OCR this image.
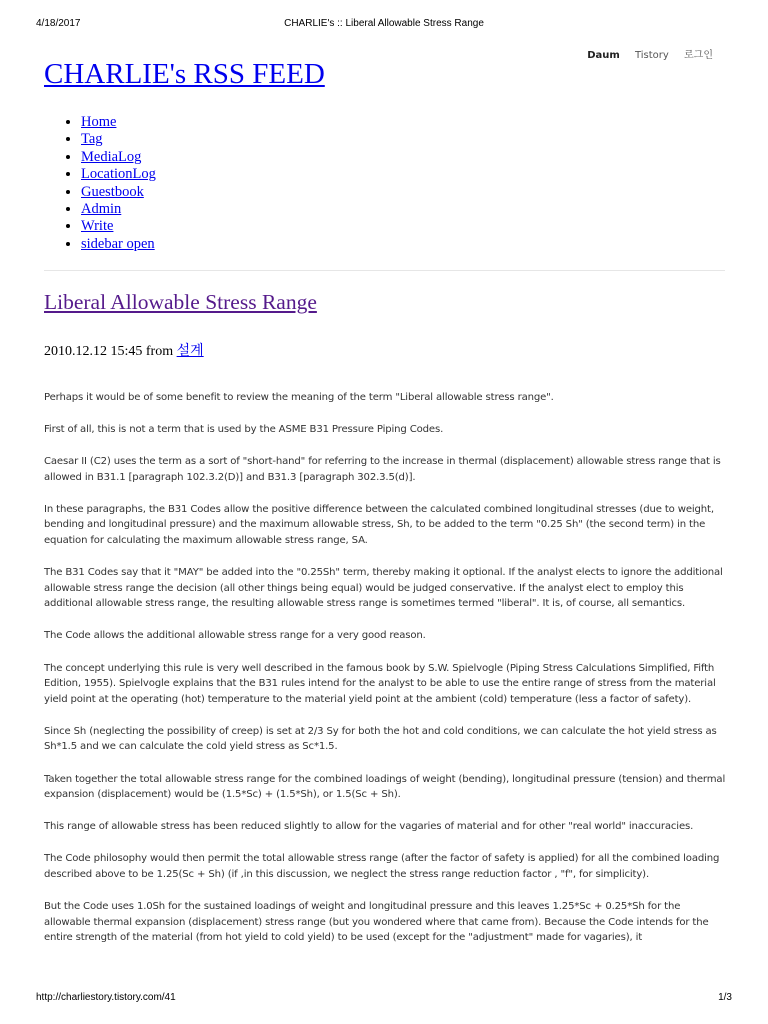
4/18/2017	CHARLIE's :: Liberal Allowable Stress Range
Daum Tistory 로그인
CHARLIE's RSS FEED
• Home
• Tag
• MediaLog
• LocationLog
• Guestbook
• Admin
• Write
• sidebar open
Liberal Allowable Stress Range
2010.12.12 15:45 from 설계

Perhaps it would be of some benefit to review the meaning of the term "Liberal allowable stress range".

First of all, this is not a term that is used by the ASME B31 Pressure Piping Codes.

Caesar II (C2) uses the term as a sort of "short-hand" for referring to the increase in thermal (displacement) allowable stress range that is allowed in B31.1 [paragraph 102.3.2(D)] and B31.3 [paragraph 302.3.5(d)].

In these paragraphs, the B31 Codes allow the positive difference between the calculated combined longitudinal stresses (due to weight, bending and longitudinal pressure) and the maximum allowable stress, Sh, to be added to the term "0.25 Sh" (the second term) in the equation for calculating the maximum allowable stress range, SA.

The B31 Codes say that it "MAY" be added into the "0.25Sh" term, thereby making it optional. If the analyst elects to ignore the additional allowable stress range the decision (all other things being equal) would be judged conservative. If the analyst elect to employ this additional allowable stress range, the resulting allowable stress range is sometimes termed "liberal". It is, of course, all semantics.

The Code allows the additional allowable stress range for a very good reason.

The concept underlying this rule is very well described in the famous book by S.W. Spielvogle (Piping Stress Calculations Simplified, Fifth Edition, 1955). Spielvogle explains that the B31 rules intend for the analyst to be able to use the entire range of stress from the material yield point at the operating (hot) temperature to the material yield point at the ambient (cold) temperature (less a factor of safety).

Since Sh (neglecting the possibility of creep) is set at 2/3 Sy for both the hot and cold conditions, we can calculate the hot yield stress as Sh*1.5 and we can calculate the cold yield stress as Sc*1.5.

Taken together the total allowable stress range for the combined loadings of weight (bending), longitudinal pressure (tension) and thermal expansion (displacement) would be (1.5*Sc) + (1.5*Sh), or 1.5(Sc + Sh).

This range of allowable stress has been reduced slightly to allow for the vagaries of material and for other "real world" inaccuracies.

The Code philosophy would then permit the total allowable stress range (after the factor of safety is applied) for all the combined loading described above to be 1.25(Sc + Sh) (if ,in this discussion, we neglect the stress range reduction factor , "f", for simplicity).

But the Code uses 1.0Sh for the sustained loadings of weight and longitudinal pressure and this leaves 1.25*Sc + 0.25*Sh for the allowable thermal expansion (displacement) stress range (but you wondered where that came from). Because the Code intends for the entire strength of the material (from hot yield to cold yield) to be used (except for the "adjustment" made for vagaries), it

http://charliestory.tistory.com/41	1/3
